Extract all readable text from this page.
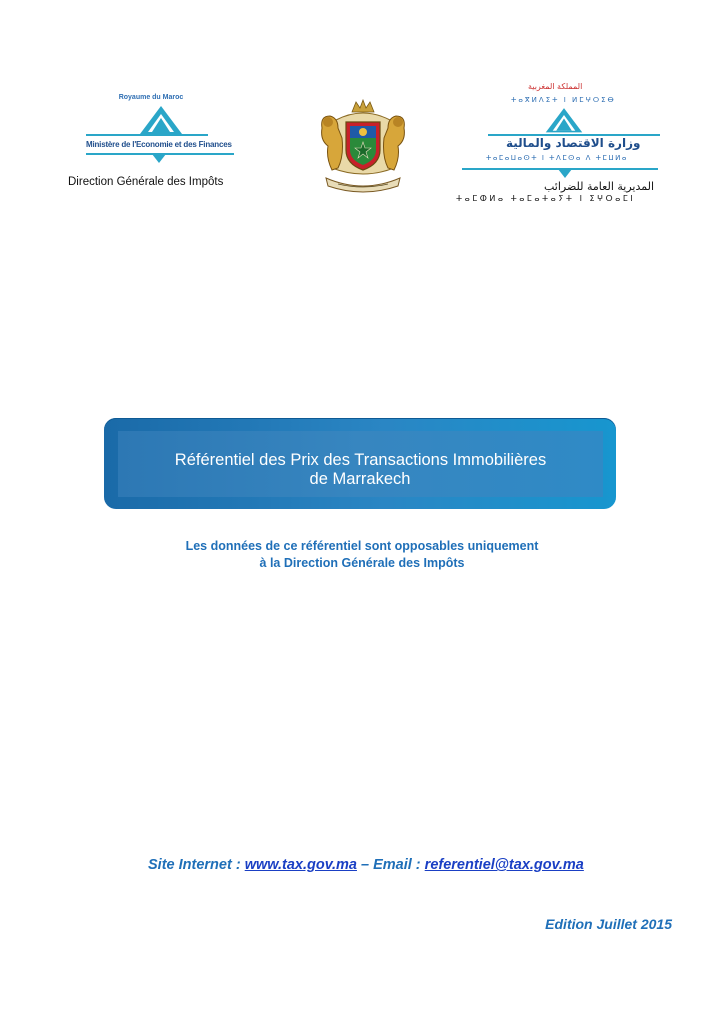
Royaume du Maroc
Ministère de l'Economie et des Finances
Direction Générale des Impôts
المملكة المغربية
ⵜⴰⴳⵍⴷⵉⵜ ⵏ ⵍⵎⵖⵔⵉⴱ
وزارة الاقتصاد والمالية
ⵜⴰⵎⴰⵡⴰⵙⵜ ⵏ ⵜⴷⵎⵙⴰ ⴷ ⵜⵎⵡⵍⴰ
المديرية العامة للضرائب
ⵜⴰⵎⵀⵍⴰ ⵜⴰⵎⴰⵜⴰⵢⵜ ⵏ ⵉⵖⵔⴰⵎⵏ
Référentiel des Prix des Transactions Immobilières
de Marrakech
Les données de ce référentiel sont opposables uniquement
à la Direction Générale des Impôts
Site Internet : www.tax.gov.ma – Email : referentiel@tax.gov.ma
Edition Juillet 2015
